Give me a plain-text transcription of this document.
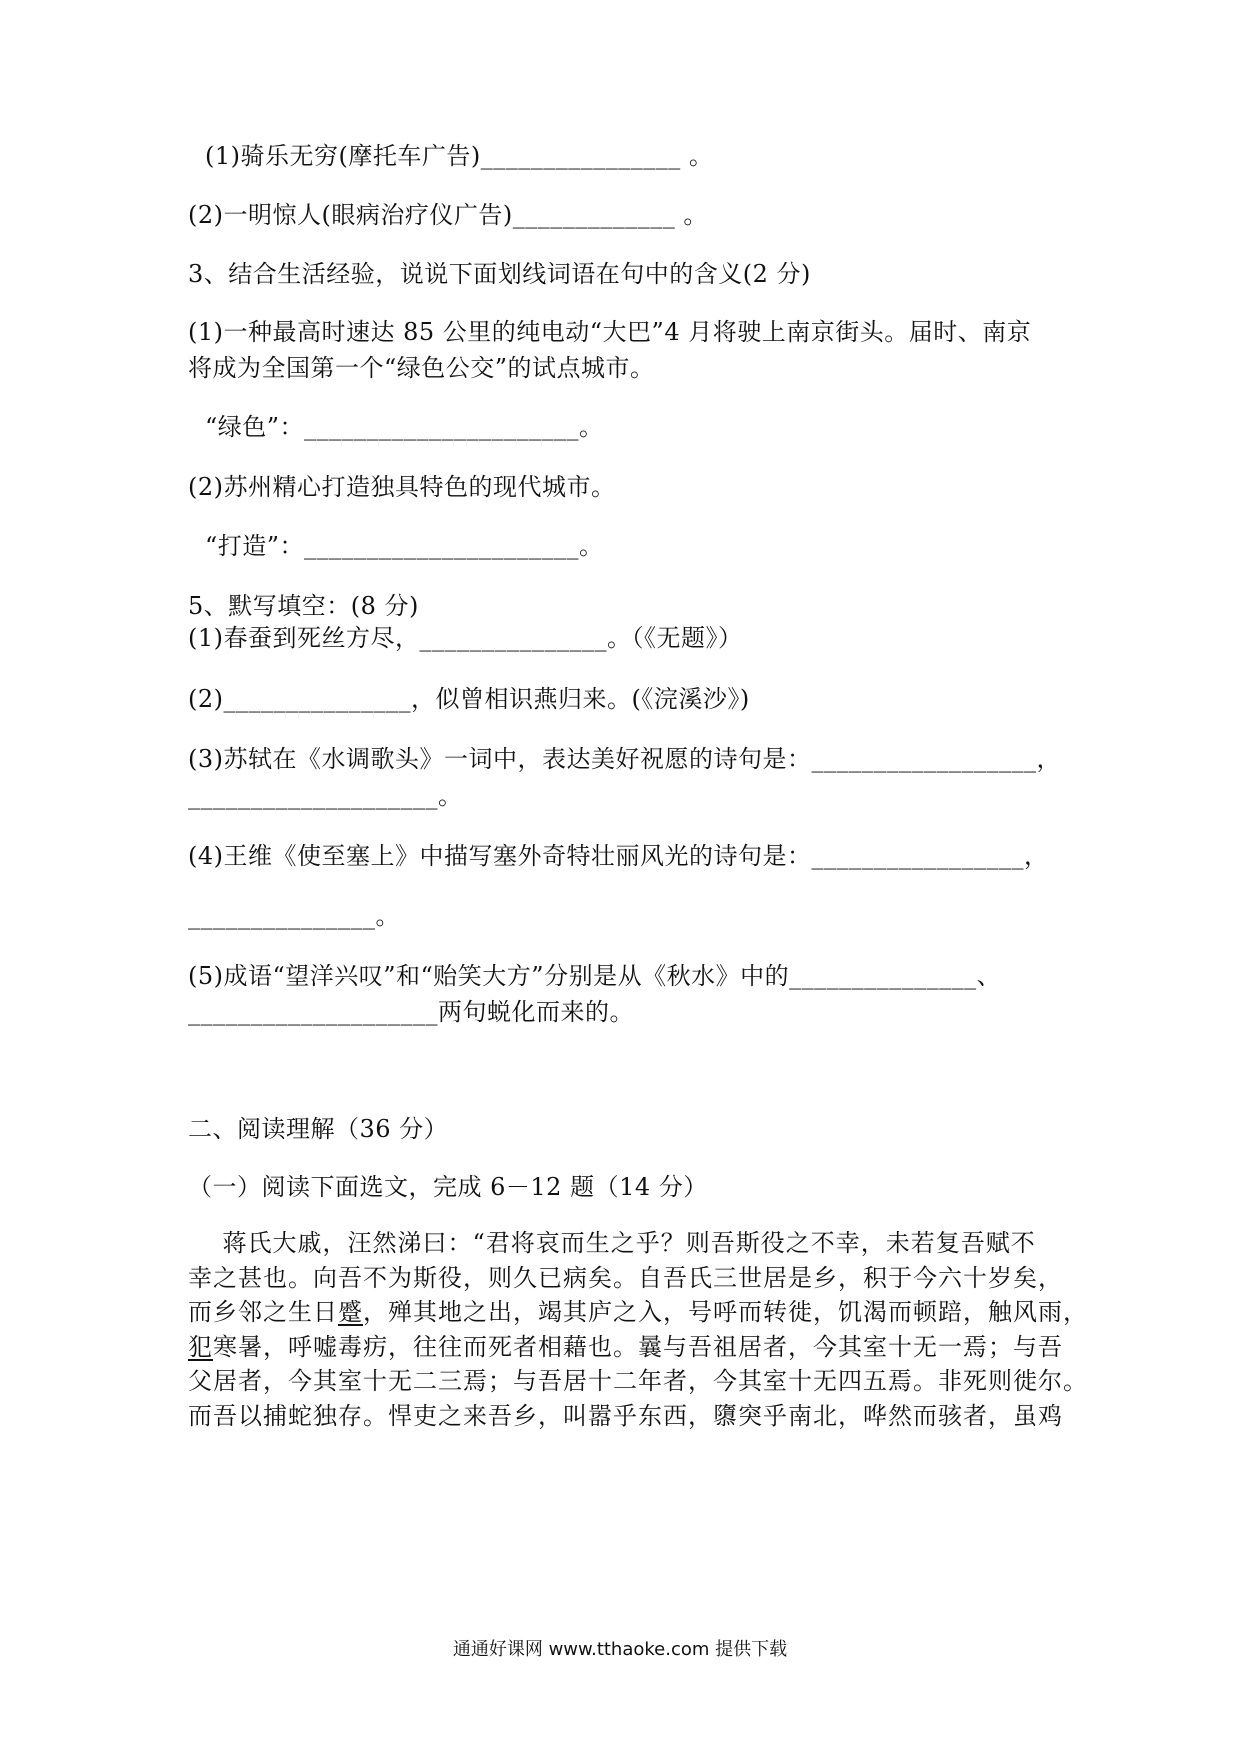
(1)骑乐无穷(摩托车广告)________________ 。
(2)一明惊人(眼病治疗仪广告)_____________ 。
3、结合生活经验，说说下面划线词语在句中的含义(2 分)
(1)一种最高时速达 85 公里的纯电动“大巴”4 月将驶上南京街头。届时、南京
将成为全国第一个“绿色公交”的试点城市。
“绿色”：______________________。
(2)苏州精心打造独具特色的现代城市。
“打造”：______________________。
5、默写填空：(8 分)
(1)春蚕到死丝方尽，_______________。（《无题》）
(2)_______________，似曾相识燕归来。(《浣溪沙》)
(3)苏轼在《水调歌头》一词中，表达美好祝愿的诗句是：__________________，
____________________。
(4)王维《使至塞上》中描写塞外奇特壮丽风光的诗句是：_________________，
_______________。
(5)成语“望洋兴叹”和“贻笑大方”分别是从《秋水》中的_______________、
____________________两句蜕化而来的。
二、阅读理解（36 分）
（一）阅读下面选文，完成 6－12 题（14 分）

蒋氏大戚，汪然涕曰：“君将哀而生之乎？则吾斯役之不幸，未若复吾赋不

幸之甚也。向吾不为斯役，则久已病矣。自吾氏三世居是乡，积于今六十岁矣，

而乡邻之生日蹙，殚其地之出，竭其庐之入，号呼而转徙，饥渴而顿踣，触风雨，

犯寒暑，呼嘘毒疠，往往而死者相藉也。曩与吾祖居者，今其室十无一焉；与吾

父居者，今其室十无二三焉；与吾居十二年者，今其室十无四五焉。非死则徙尔。

而吾以捕蛇独存。悍吏之来吾乡，叫嚣乎东西，隳突乎南北，哗然而骇者，虽鸡

通通好课网 www.tthaoke.com 提供下载
